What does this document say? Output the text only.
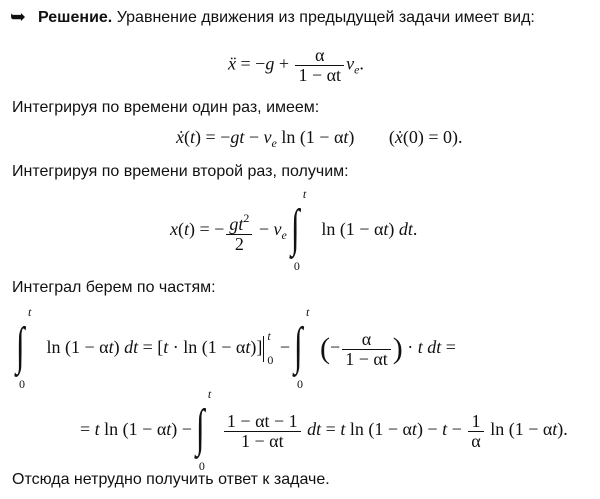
➥ Решение. Уравнение движения из предыдущей задачи имеет вид:
ẍ = $-g + \frac{\alpha}{1 - \alpha t} v_e$.
Интегрируя по времени один раз, имеем:
ẋ(t) = $-gt - v_e$ ln (1 − αt) (ẋ(0) = 0).
Интегрируя по времени второй раз, получим:
x(t) = − $\frac{gt^2}{2} - v_e$ ∫
t
0
ln (1 − αt) dt.
Интеграл берем по частям:
∫
t
0
ln (1 − αt) dt = [t · ln (1 − αt)]
t
0
− ∫
t
0
(− $\frac{\alpha}{1 - \alpha t}$ ) · t dt =
= t ln (1 − αt) − ∫
t
0
$\frac{1 - \alpha t - 1}{1 - \alpha t}$ dt = t $\ln (1 - \alpha t) - t - \frac{1}{\alpha}$ ln (1 − αt).
Отсюда нетрудно получить ответ к задаче.
